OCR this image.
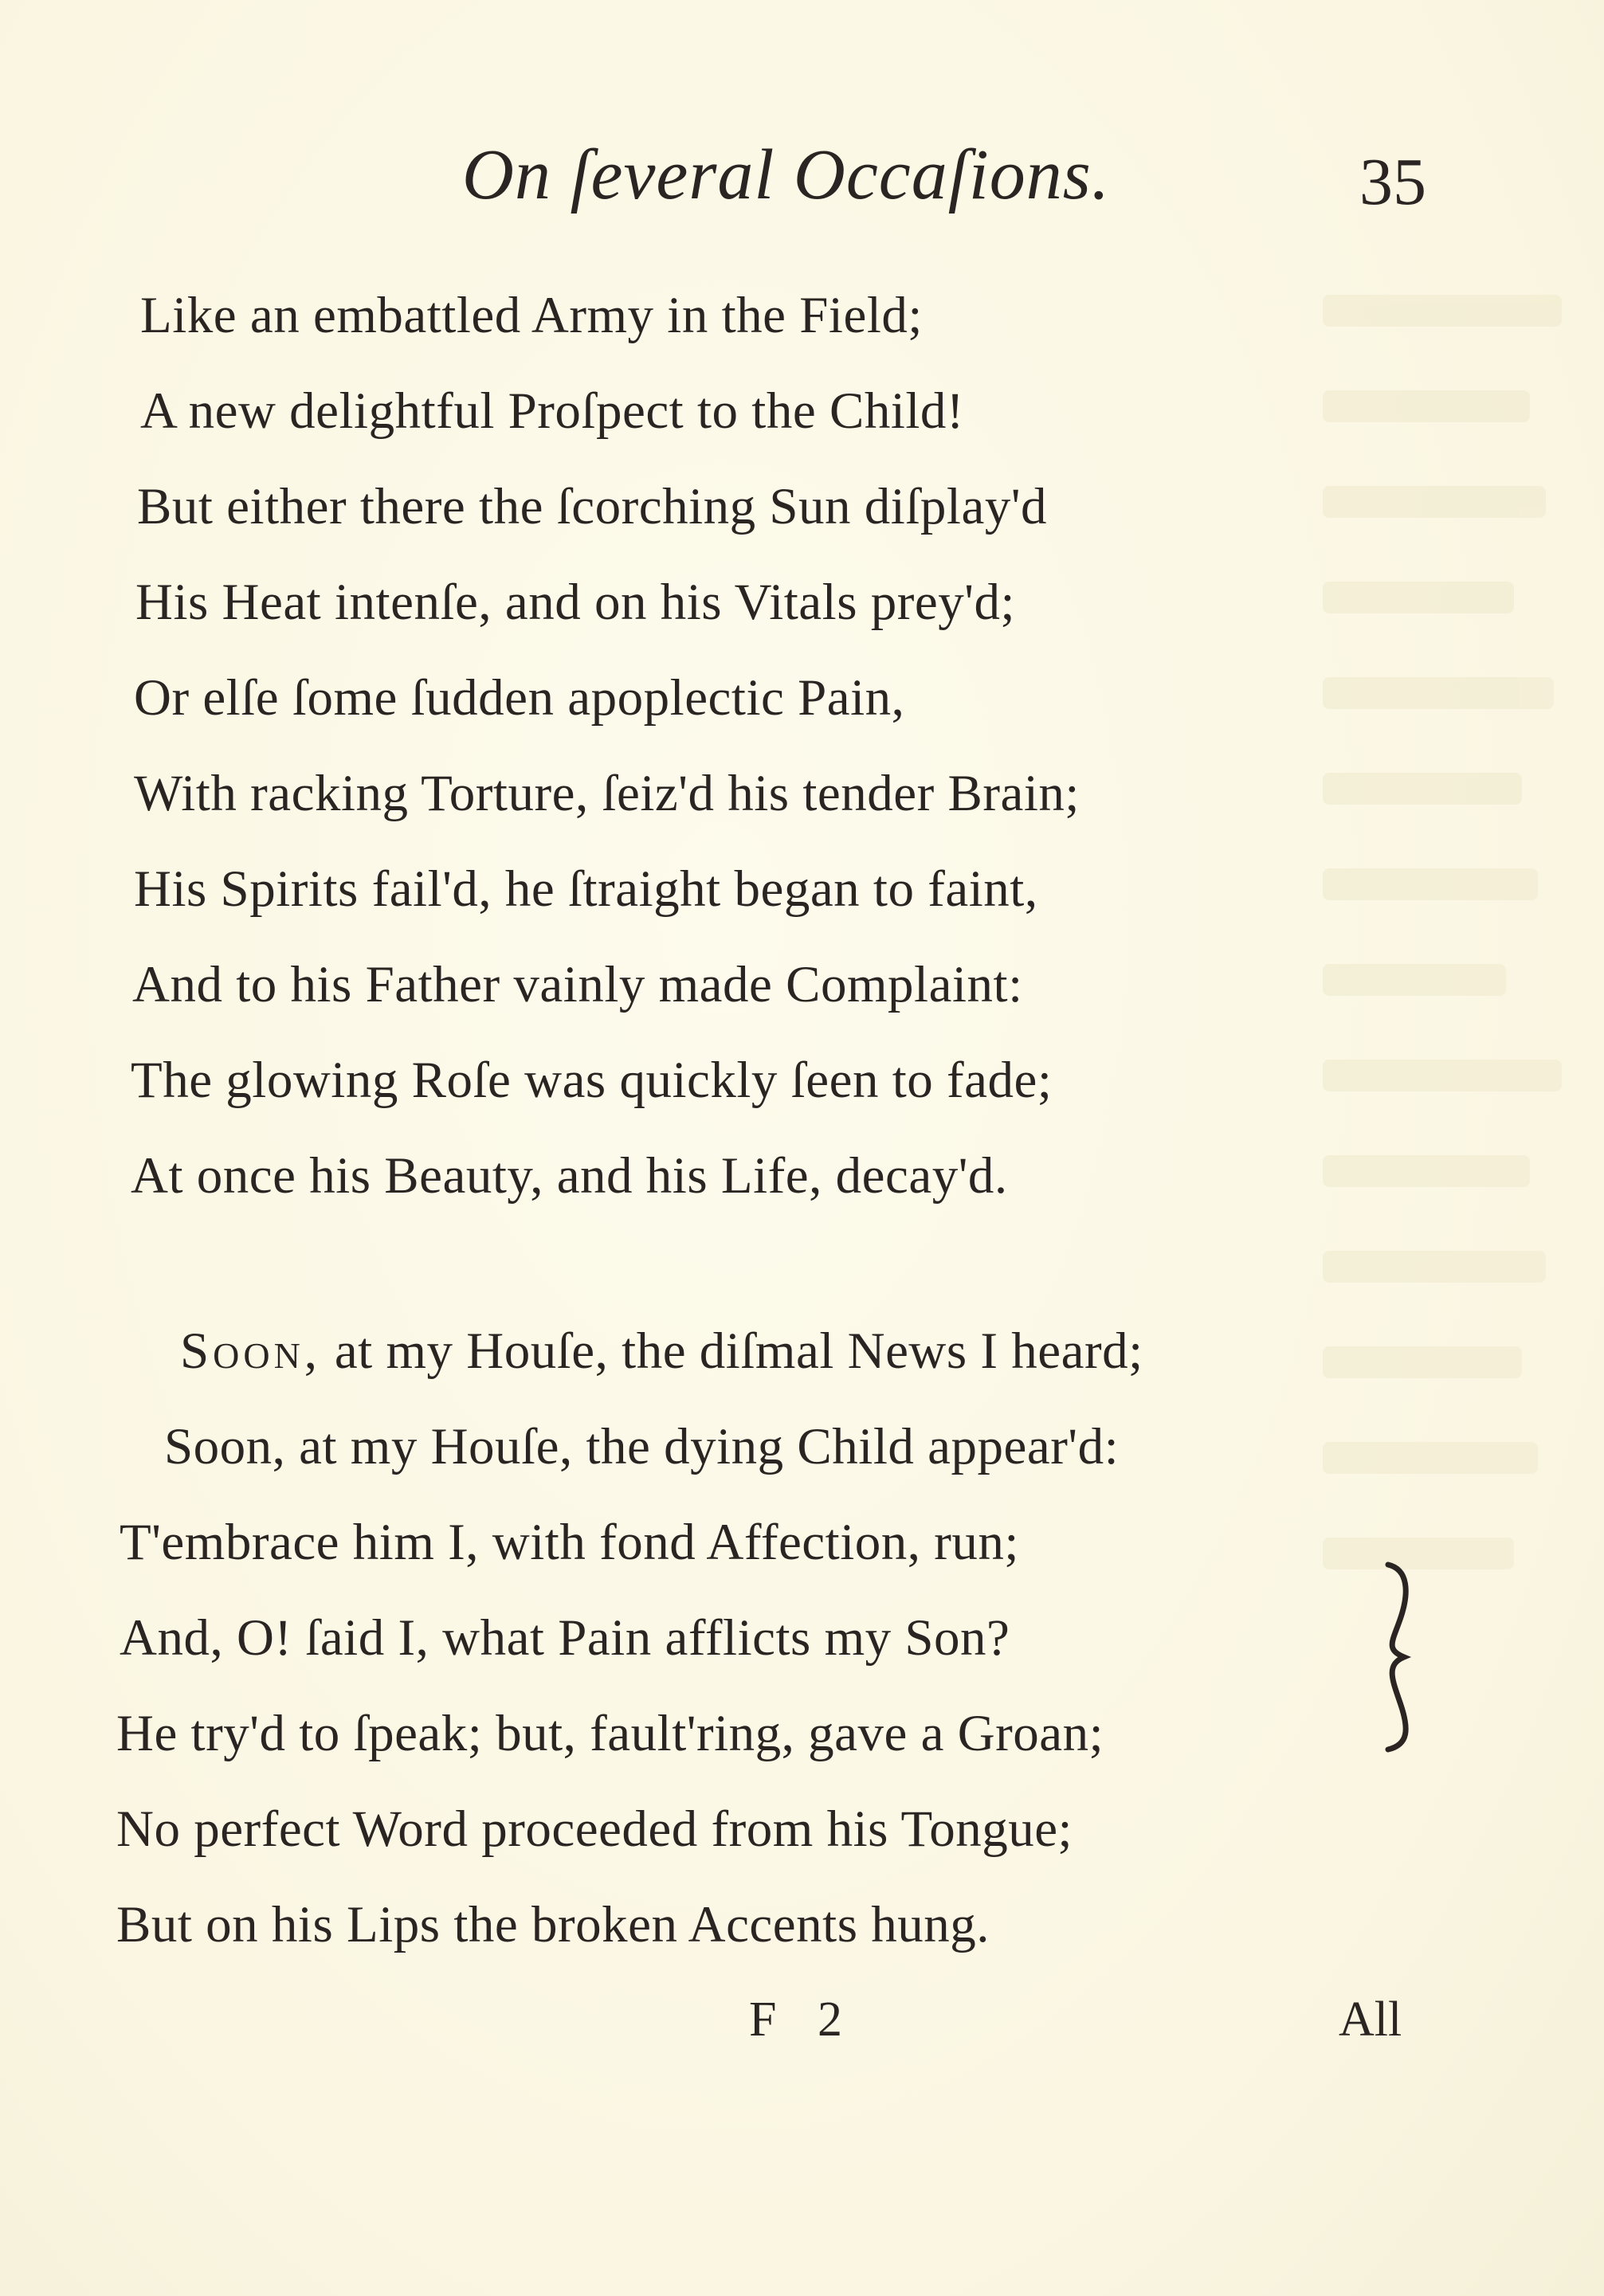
On ſeveral Occaſions.	35
Like an embattled Army in the Field;
A new delightful Proſpect to the Child!
But either there the ſcorching Sun diſplay'd
His Heat intenſe, and on his Vitals prey'd;
Or elſe ſome ſudden apoplectic Pain,
With racking Torture, ſeiz'd his tender Brain;
His Spirits fail'd, he ſtraight began to faint,
And to his Father vainly made Complaint:
The glowing Roſe was quickly ſeen to fade;
At once his Beauty, and his Life, decay'd.
Soon, at my Houſe, the diſmal News I heard;
Soon, at my Houſe, the dying Child appear'd:
T'embrace him I, with fond Affection, run;
And, O! ſaid I, what Pain afflicts my Son?
He try'd to ſpeak; but, fault'ring, gave a Groan;
No perfect Word proceeded from his Tongue;
But on his Lips the broken Accents hung.
F 2	All
